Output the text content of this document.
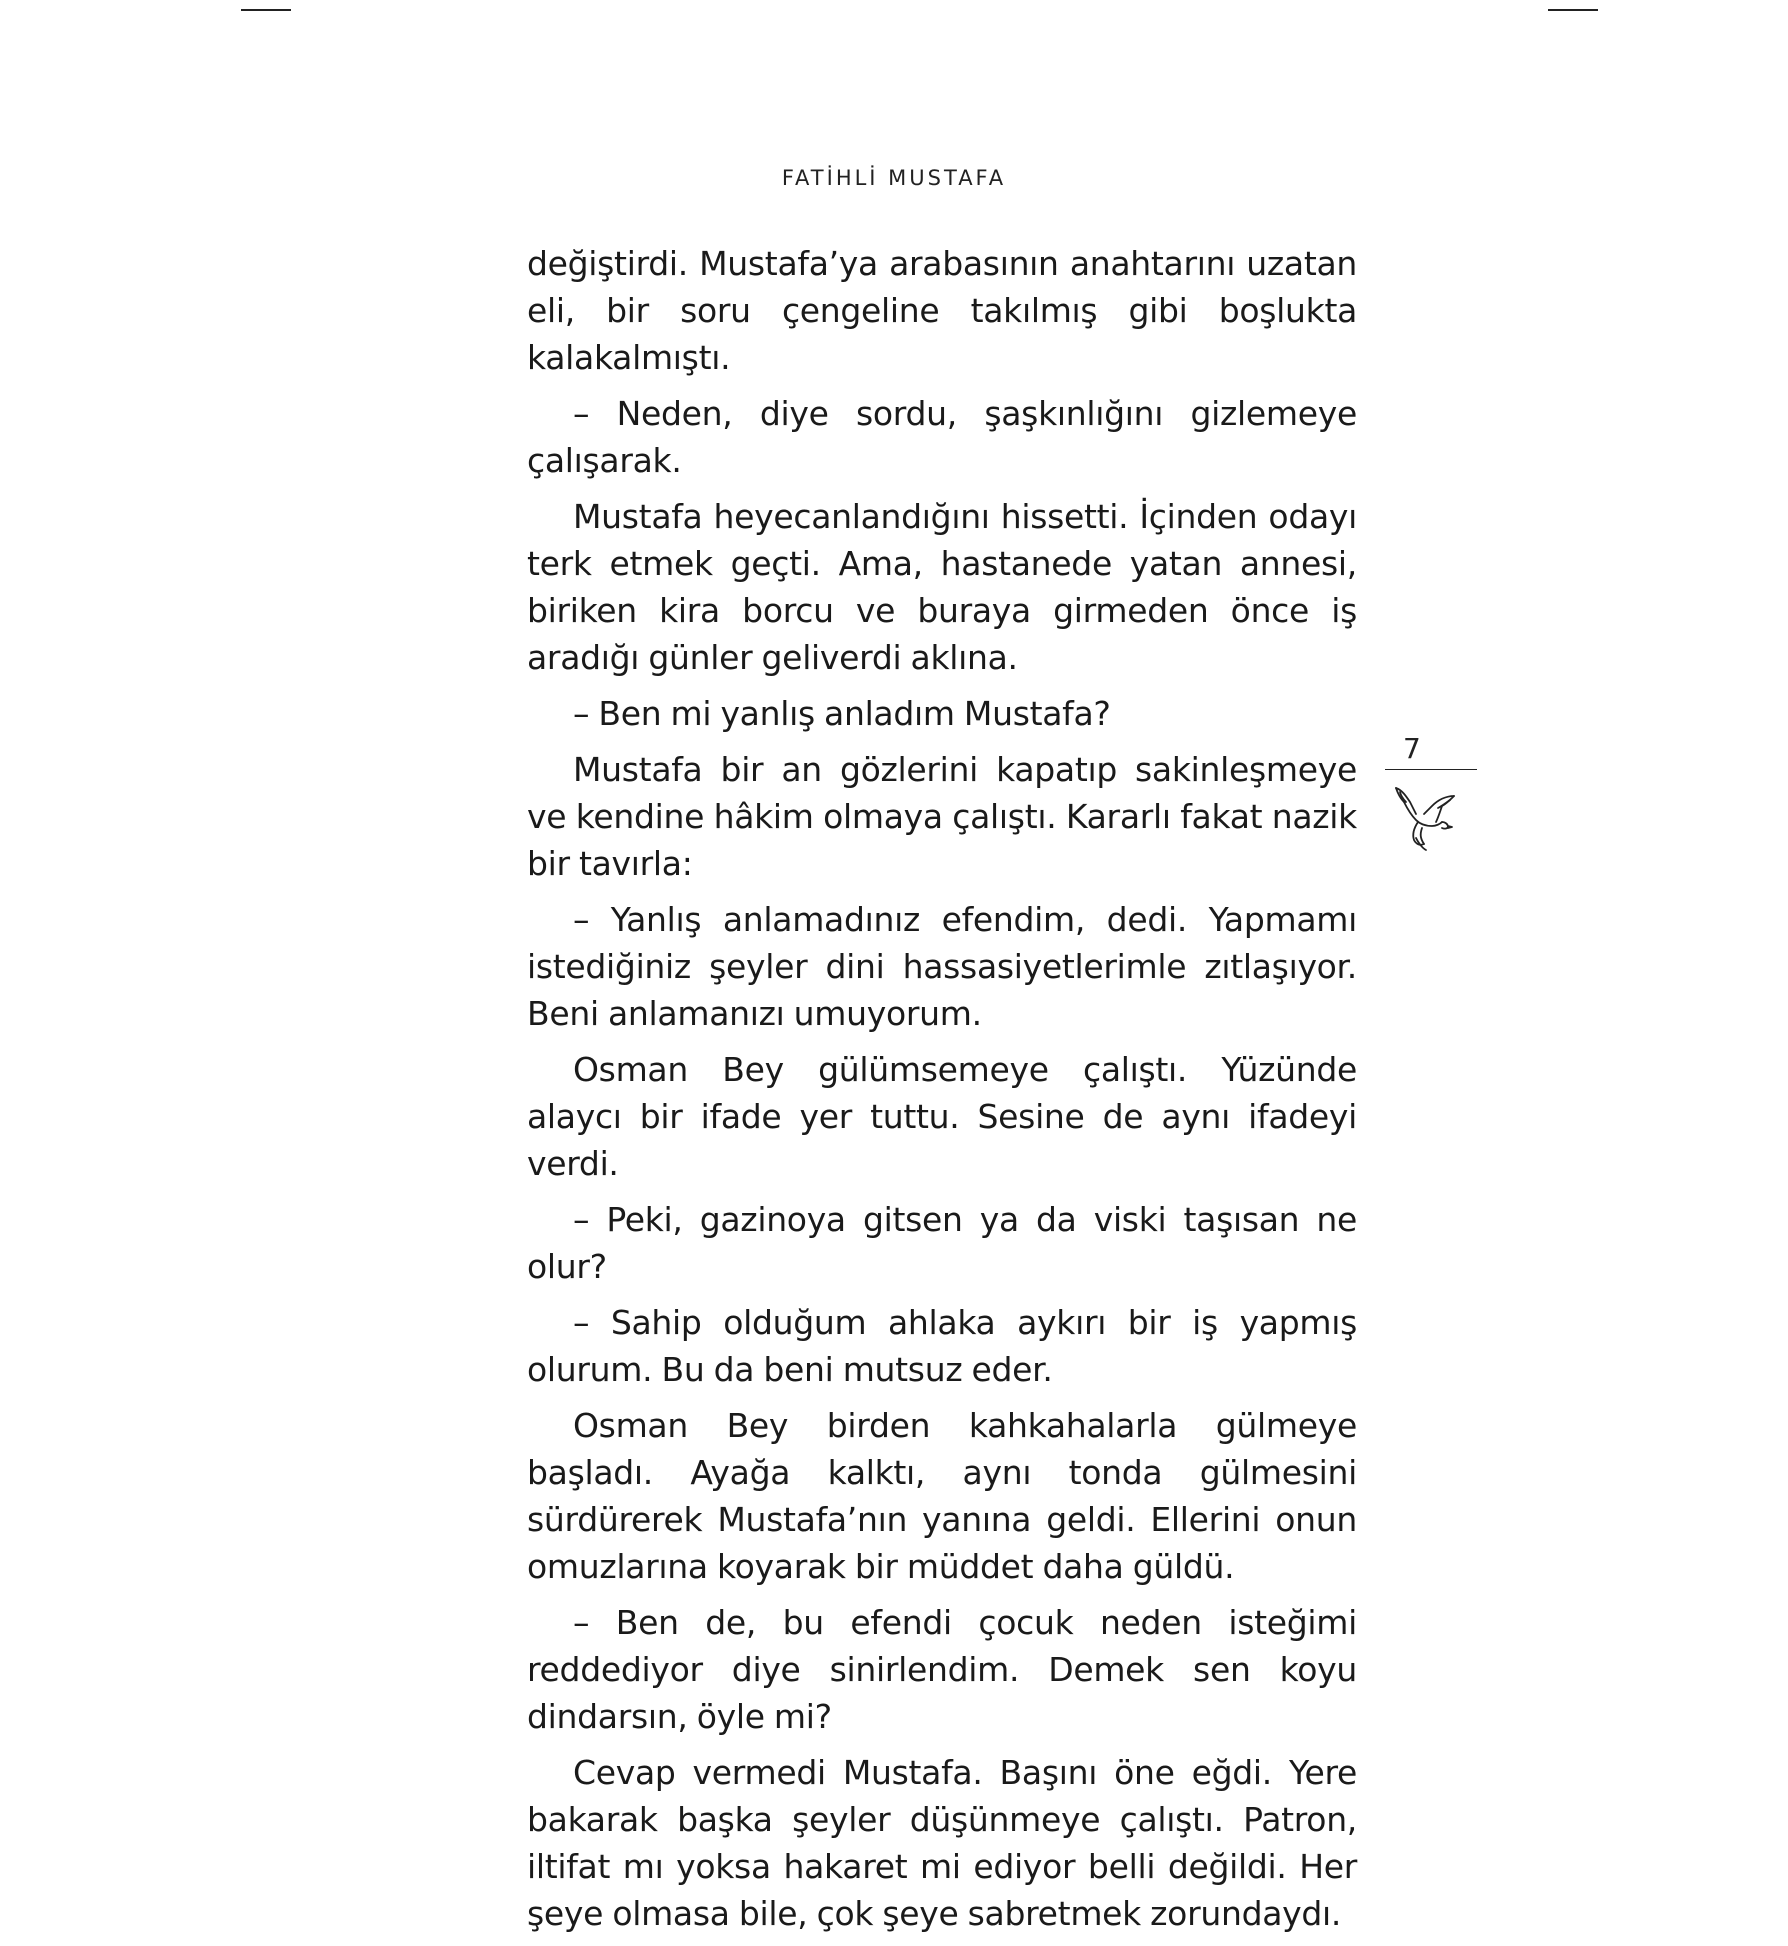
FATİHLİ MUSTAFA

değiştirdi. Mustafa’ya arabasının anahtarını uzatan eli, bir soru çengeline takılmış gibi boşlukta kalakalmıştı.

– Neden, diye sordu, şaşkınlığını gizlemeye çalışarak.

Mustafa heyecanlandığını hissetti. İçinden odayı terk etmek geçti. Ama, hastanede yatan annesi, biriken kira borcu ve buraya girmeden önce iş aradığı günler geliverdi aklına.

– Ben mi yanlış anladım Mustafa?

Mustafa bir an gözlerini kapatıp sakinleşmeye ve kendine hâkim olmaya çalıştı. Kararlı fakat nazik bir tavırla:

– Yanlış anlamadınız efendim, dedi. Yapmamı istediğiniz şeyler dini hassasiyetlerimle zıtlaşıyor. Beni anlamanızı umuyorum.

Osman Bey gülümsemeye çalıştı. Yüzünde alaycı bir ifade yer tuttu. Sesine de aynı ifadeyi verdi.

– Peki, gazinoya gitsen ya da viski taşısan ne olur?

– Sahip olduğum ahlaka aykırı bir iş yapmış olurum. Bu da beni mutsuz eder.

Osman Bey birden kahkahalarla gülmeye başladı. Ayağa kalktı, aynı tonda gülmesini sürdürerek Mustafa’nın yanına geldi. Ellerini onun omuzlarına koyarak bir müddet daha güldü.

– Ben de, bu efendi çocuk neden isteğimi reddediyor diye sinirlendim. Demek sen koyu dindarsın, öyle mi?

Cevap vermedi Mustafa. Başını öne eğdi. Yere bakarak başka şeyler düşünmeye çalıştı. Patron, iltifat mı yoksa hakaret mi ediyor belli değildi. Her şeye olmasa bile, çok şeye sabretmek zorundaydı.

7
